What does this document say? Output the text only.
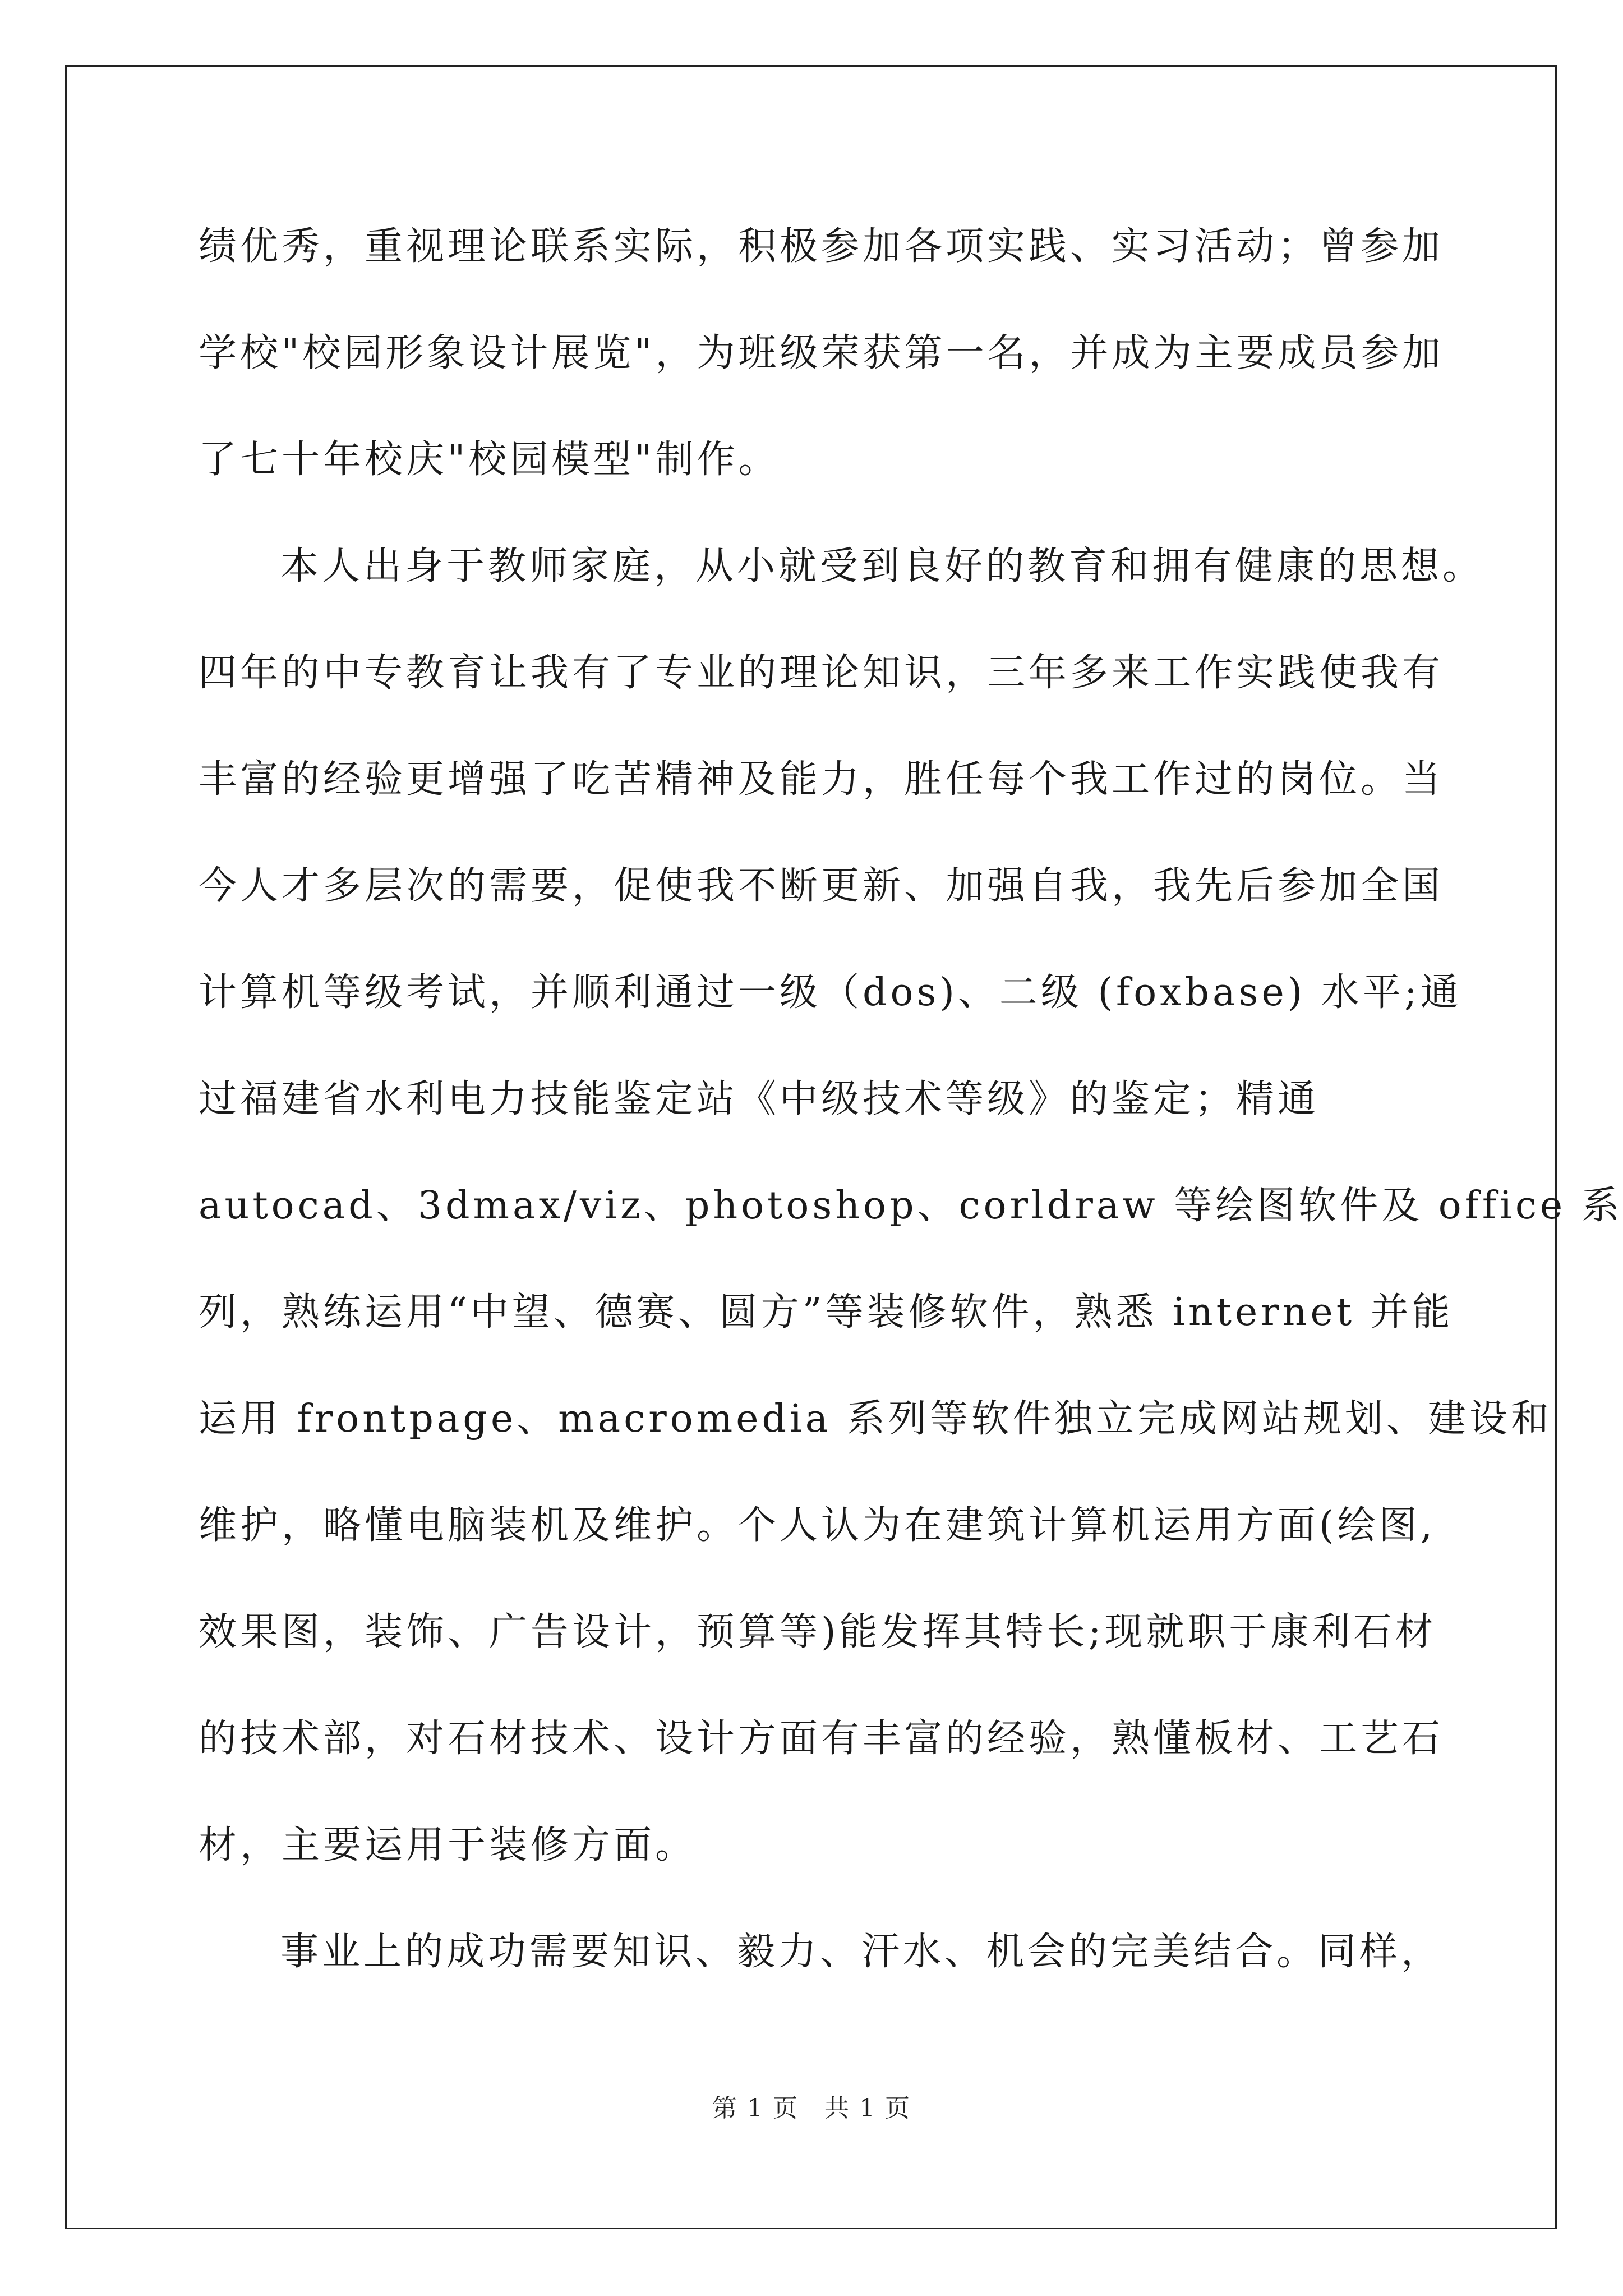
绩优秀，重视理论联系实际，积极参加各项实践、实习活动；曾参加
学校"校园形象设计展览"，为班级荣获第一名，并成为主要成员参加
了七十年校庆"校园模型"制作。
本人出身于教师家庭，从小就受到良好的教育和拥有健康的思想。
四年的中专教育让我有了专业的理论知识，三年多来工作实践使我有
丰富的经验更增强了吃苦精神及能力，胜任每个我工作过的岗位。当
今人才多层次的需要，促使我不断更新、加强自我，我先后参加全国
计算机等级考试，并顺利通过一级（dos)、二级 (foxbase) 水平;通
过福建省水利电力技能鉴定站《中级技术等级》的鉴定；精通
autocad、3dmax/viz、photoshop、corldraw 等绘图软件及 office 系
列，熟练运用“中望、德赛、圆方”等装修软件，熟悉 internet 并能
运用 frontpage、macromedia 系列等软件独立完成网站规划、建设和
维护，略懂电脑装机及维护。个人认为在建筑计算机运用方面(绘图,
效果图，装饰、广告设计，预算等)能发挥其特长;现就职于康利石材
的技术部，对石材技术、设计方面有丰富的经验，熟懂板材、工艺石
材，主要运用于装修方面。
事业上的成功需要知识、毅力、汗水、机会的完美结合。同样，
第 1 页　共 1 页
